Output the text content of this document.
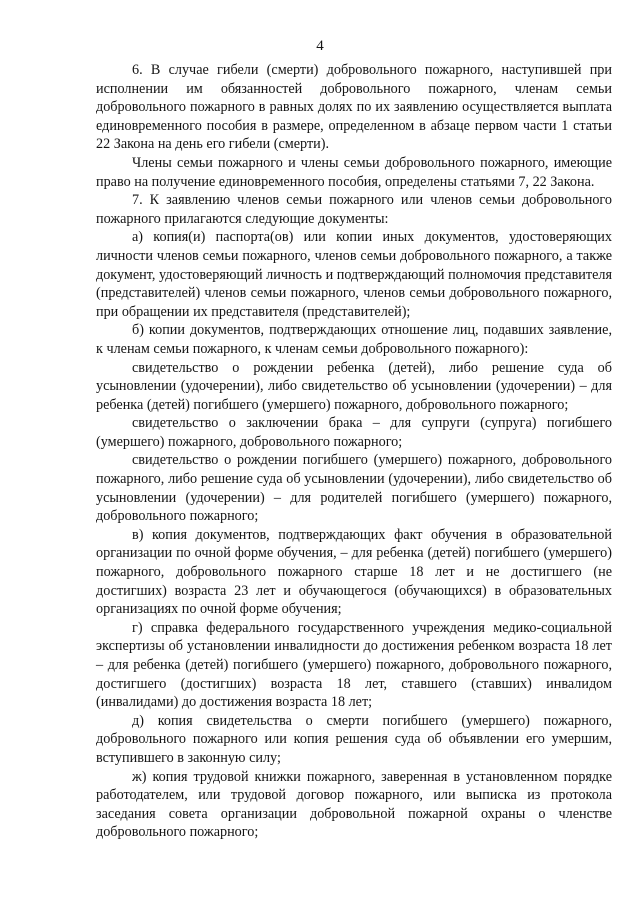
4

6. В случае гибели (смерти) добровольного пожарного, наступившей при исполнении им обязанностей добровольного пожарного, членам семьи добровольного пожарного в равных долях по их заявлению осуществляется выплата единовременного пособия в размере, определенном в абзаце первом части 1 статьи 22 Закона на день его гибели (смерти).

Члены семьи пожарного и члены семьи добровольного пожарного, имеющие право на получение единовременного пособия, определены статьями 7, 22 Закона.

7. К заявлению членов семьи пожарного или членов семьи добровольного пожарного прилагаются следующие документы:

а) копия(и) паспорта(ов) или копии иных документов, удостоверяющих личности членов семьи пожарного, членов семьи добровольного пожарного, а также документ, удостоверяющий личность и подтверждающий полномочия представителя (представителей) членов семьи пожарного, членов семьи добровольного пожарного, при обращении их представителя (представителей);

б) копии документов, подтверждающих отношение лиц, подавших заявление, к членам семьи пожарного, к членам семьи добровольного пожарного):

свидетельство о рождении ребенка (детей), либо решение суда об усыновлении (удочерении), либо свидетельство об усыновлении (удочерении) – для ребенка (детей) погибшего (умершего) пожарного, добровольного пожарного;

свидетельство о заключении брака – для супруги (супруга) погибшего (умершего) пожарного, добровольного пожарного;

свидетельство о рождении погибшего (умершего) пожарного, добровольного пожарного, либо решение суда об усыновлении (удочерении), либо свидетельство об усыновлении (удочерении) – для родителей погибшего (умершего) пожарного, добровольного пожарного;

в) копия документов, подтверждающих факт обучения в образовательной организации по очной форме обучения, – для ребенка (детей) погибшего (умершего) пожарного, добровольного пожарного старше 18 лет и не достигшего (не достигших) возраста 23 лет и обучающегося (обучающихся) в образовательных организациях по очной форме обучения;

г) справка федерального государственного учреждения медико-социальной экспертизы об установлении инвалидности до достижения ребенком возраста 18 лет – для ребенка (детей) погибшего (умершего) пожарного, добровольного пожарного, достигшего (достигших) возраста 18 лет, ставшего (ставших) инвалидом (инвалидами) до достижения возраста 18 лет;

д) копия свидетельства о смерти погибшего (умершего) пожарного, добровольного пожарного или копия решения суда об объявлении его умершим, вступившего в законную силу;

ж) копия трудовой книжки пожарного, заверенная в установленном порядке работодателем, или трудовой договор пожарного, или выписка из протокола заседания совета организации добровольной пожарной охраны о членстве добровольного пожарного;
